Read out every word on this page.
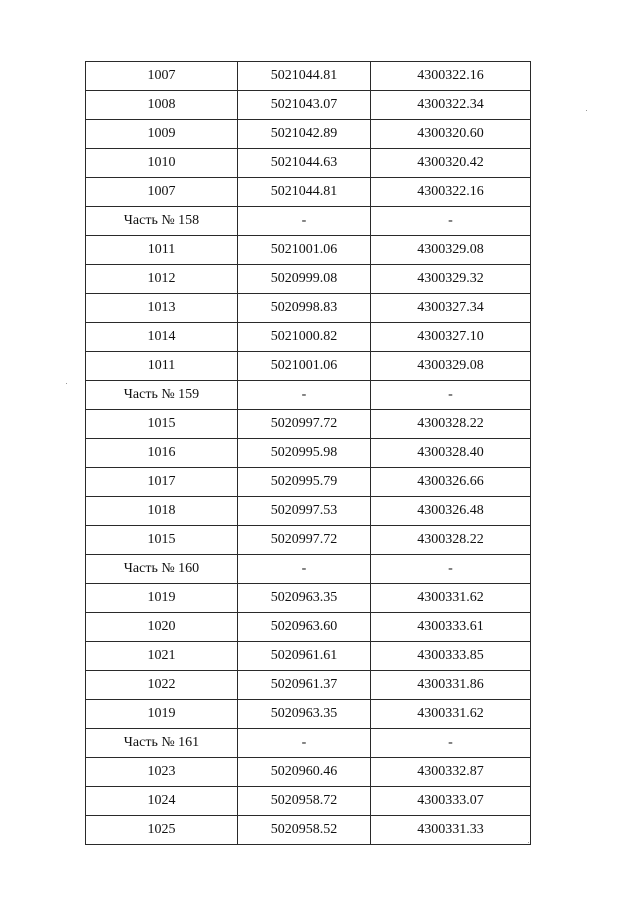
1007	5021044.81	4300322.16
1008	5021043.07	4300322.34
1009	5021042.89	4300320.60
1010	5021044.63	4300320.42
1007	5021044.81	4300322.16
Часть № 158	-	-
1011	5021001.06	4300329.08
1012	5020999.08	4300329.32
1013	5020998.83	4300327.34
1014	5021000.82	4300327.10
1011	5021001.06	4300329.08
Часть № 159	-	-
1015	5020997.72	4300328.22
1016	5020995.98	4300328.40
1017	5020995.79	4300326.66
1018	5020997.53	4300326.48
1015	5020997.72	4300328.22
Часть № 160	-	-
1019	5020963.35	4300331.62
1020	5020963.60	4300333.61
1021	5020961.61	4300333.85
1022	5020961.37	4300331.86
1019	5020963.35	4300331.62
Часть № 161	-	-
1023	5020960.46	4300332.87
1024	5020958.72	4300333.07
1025	5020958.52	4300331.33
